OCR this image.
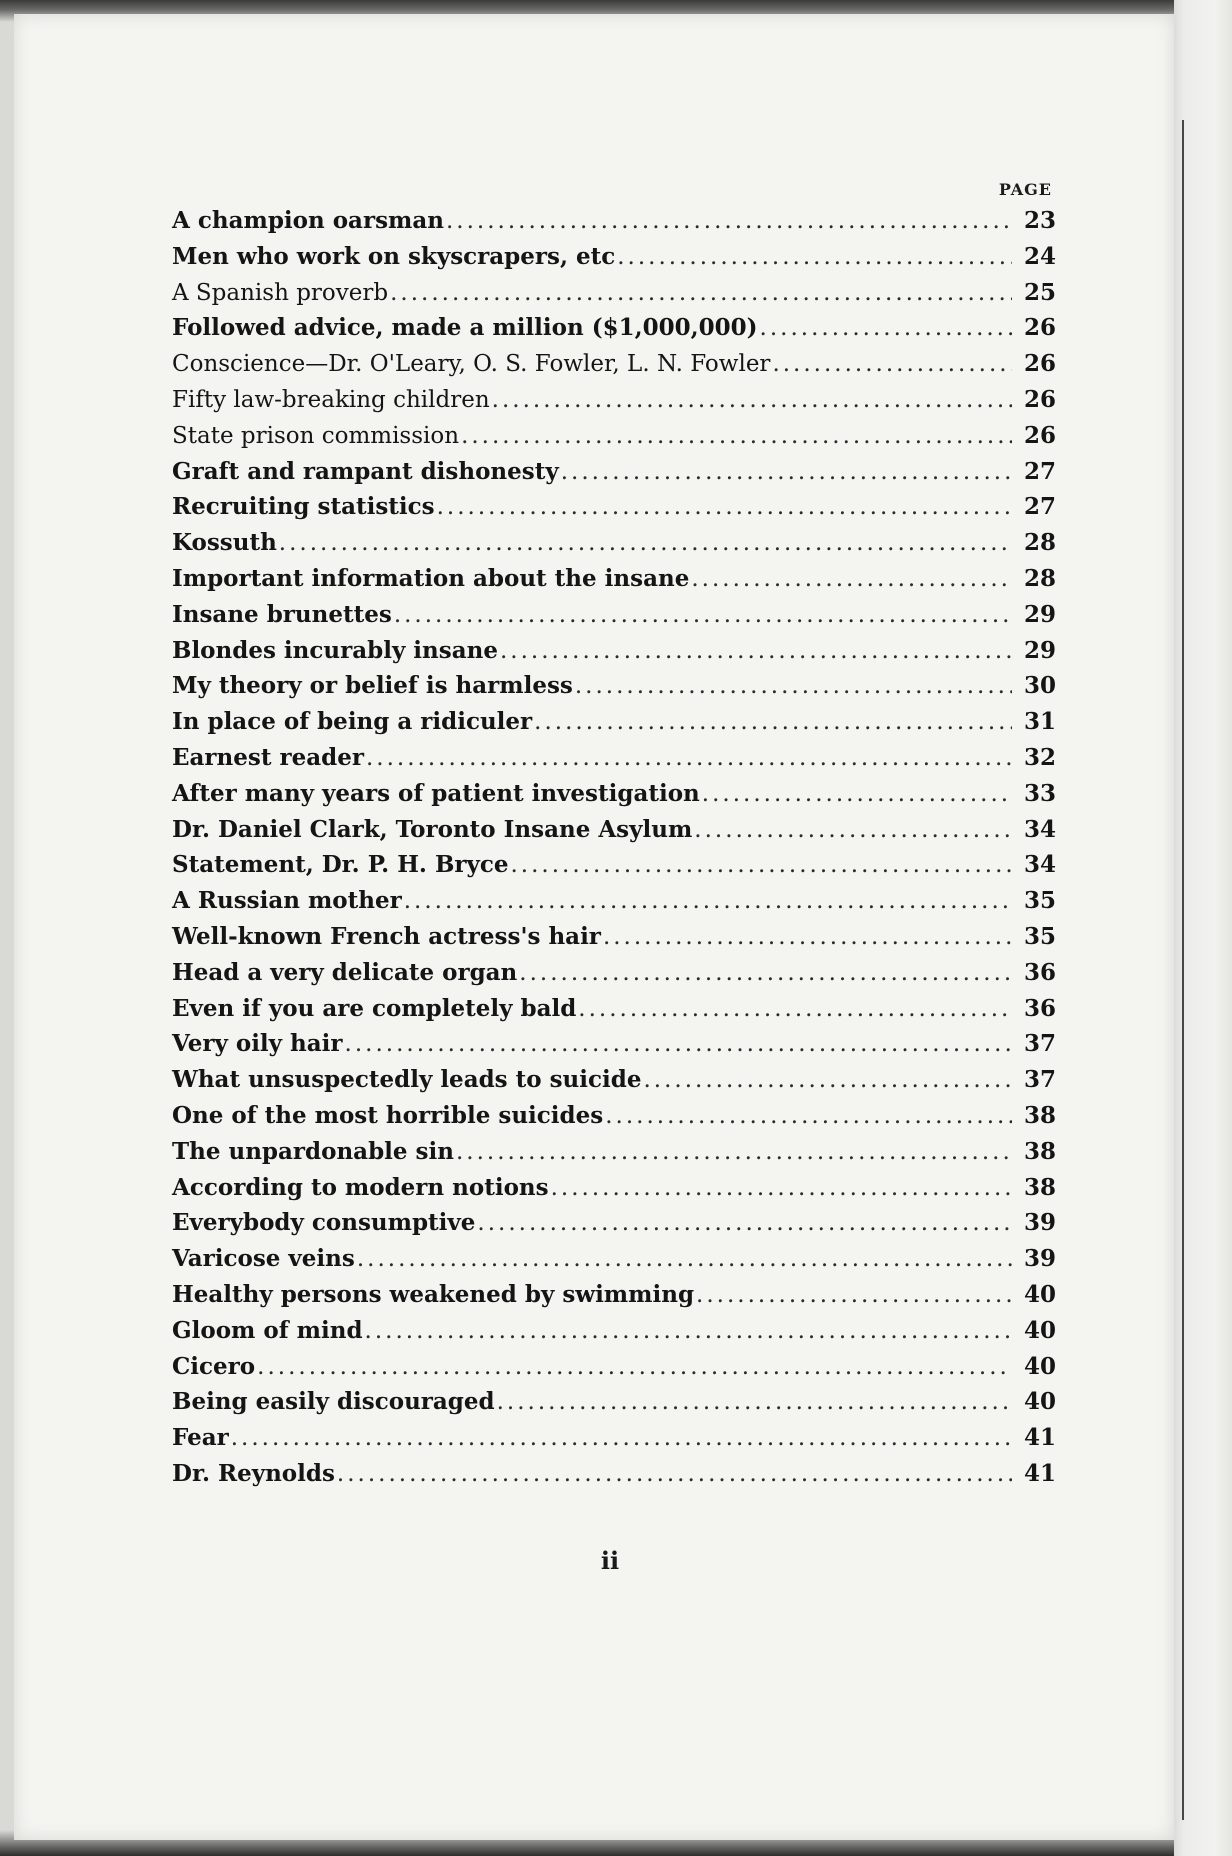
PAGE
A champion oarsman .....	23
Men who work on skyscrapers, etc .....	24
A Spanish proverb .....	25
Followed advice, made a million ($1,000,000) .....	26
Conscience—Dr. O'Leary, O. S. Fowler, L. N. Fowler .....	26
Fifty law-breaking children .....	26
State prison commission .....	26
Graft and rampant dishonesty .....	27
Recruiting statistics .....	27
Kossuth .....	28
Important information about the insane .....	28
Insane brunettes .....	29
Blondes incurably insane .....	29
My theory or belief is harmless .....	30
In place of being a ridiculer .....	31
Earnest reader .....	32
After many years of patient investigation .....	33
Dr. Daniel Clark, Toronto Insane Asylum .....	34
Statement, Dr. P. H. Bryce .....	34
A Russian mother .....	35
Well-known French actress's hair .....	35
Head a very delicate organ .....	36
Even if you are completely bald .....	36
Very oily hair .....	37
What unsuspectedly leads to suicide .....	37
One of the most horrible suicides .....	38
The unpardonable sin .....	38
According to modern notions .....	38
Everybody consumptive .....	39
Varicose veins .....	39
Healthy persons weakened by swimming .....	40
Gloom of mind .....	40
Cicero .....	40
Being easily discouraged .....	40
Fear .....	41
Dr. Reynolds .....	41
ii
